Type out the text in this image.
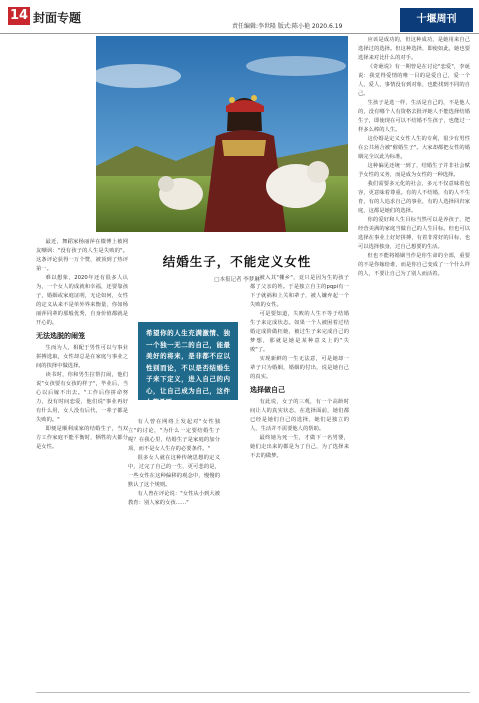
14 封面专题
责任编辑:李世隆 版式:陈小艳 2020.6.19
十堰周刊

最近，舞蹈家杨丽萍在微博上被网友嘲讽："没有孩子的人生是失败的"。这条评论获得一万个赞，被顶到了热评第一。

难以想象，2020年还有很多人认为，一个女人的成就和幸福，还要靠孩子，婚姻或家庭证明，无论如何，女性的定义从来不是单外界来衡量，你如杨丽萍同辈的那般优秀，自身价值都就是开心的。

无法选脱的闹笼

生而为人，相配于男性可以与事业拼搏选取，女性却总是在家庭与事业之间的抉择中做选择。

读书时，你和男生拉帮打闹，他们说"女孩要有女孩的样子"，毕业后，当心以后嫁不出去。"工作后你拼命努力，没有时间恋爱，他们说"事业再好有什么用，女人没有后代，一辈子都是失败的。"

即便是顺利成家的结婚生子，当双方工作家庭不能平衡时，牺牲的大都分是女性。

结婚生子，不能定义女性
□本报记者 李梦琳
希望你的人生充满激情、独一个独一无二的自己，能最美好的将来，是非都不应以性别而论，不以是否结婚生子来下定义，进入自己的内心，让自己成为自己，这件么都希要

有人曾在网络上发起对"女性独立"的讨论，"为什么一定要结婚生子呢？在我心里，结婚生子是家庭的加分项，而不是女人生存的必要条件。"

很多女人就在这种传统思想的定义中，过完了自己的一生，更可悲的是，一些女性在这种偏移的观念中，慢慢的默认了这个规则。

有人曾在评论说："女性从小到大被教育：别人家的女孩……"

被入其"棚乡"，竟只是因为生的孩子都了父亲的姓。于是独立自主的pqpi有一下子就祸和上关和辈子，被人嫌弃起一个失败的女性。

可是要知道，失败的人生不等于结婚生子来定成状态。如果一个人被困着过结婚定成阶做枉她，被过生子来完成自己的梦想，那就是她是某种意义上的"失败"了。

实现新鲜的一生无法意，可是她却一辈子只为婚姻，婚姻的付出，说是她自己的真实。

选择做自己

有此说，女子的三观，有一个高龄时间让人的真实状态，在选择面前，她们都已经是她们自己的选择，她们是独立的人，生活并不需要他人的帮助。

最终她为死一生，才做下一名男婴，她们走出来的都是为了自己，为了选择来不去的做梦。

应该是成功的，但这种成功，是她用来自己选择过的选择。但这种选择，即使如此，她也要选择来对比什么的对手。

《奇葩说》有一期曾是在讨论"恋爱"，李诞说：我觉得爱情的唯一目的是爱自己，爱一个人，爱人，事情没有到对象，也能找到不同的自己。

生孩子是选一样，生活是自己的，不是他人的，没有哪个人有资格去批评她人不能选择结婚生子，即使现在可以不结婚不生孩子，也能过一样多么棒的人生。

这份婚是定义女性人生的专利，很少有男性在公共场合被"催婚生子"。大家却都把女性的婚姻完全以此为标准。

这种偏见还统一到了，结婚生子并非社会赋予女性的义务，而是成为女性的一种选择。

我们需要多元化的社会，多元不仅意味着包容，更意味着尊重。有的人不结婚，有的人不生育，有的人追求自己的事业，有的人选择回归家庭，这都是她们的选择。

你的爱好和人生目标当然可以是养孩子，把经营美满的家庭当做自己的人生目标。但也可以选择在事业上好好拼搏，有着非常好的目标，也可以选择独身，过自己想要的生活。

但也不能将婚姻当作是你生命的全部，重要的不是你嫁给谁，而是你自己变成了一个什么样的人，不要让自己为了别人而活着。
